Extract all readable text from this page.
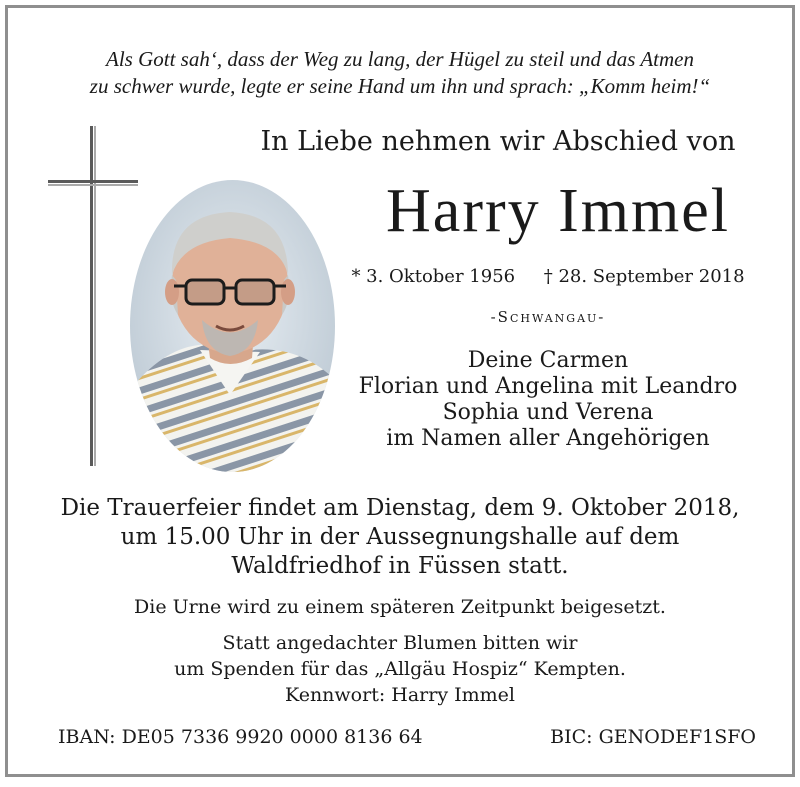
Als Gott sah‘, dass der Weg zu lang, der Hügel zu steil und das Atmen
zu schwer wurde, legte er seine Hand um ihn und sprach: „Komm heim!“
In Liebe nehmen wir Abschied von
Harry Immel
* 3. Oktober 1956 † 28. September 2018
-Schwangau-
Deine Carmen
Florian und Angelina mit Leandro
Sophia und Verena
im Namen aller Angehörigen
Die Trauerfeier findet am Dienstag, dem 9. Oktober 2018,
um 15.00 Uhr in der Aussegnungshalle auf dem
Waldfriedhof in Füssen statt.
Die Urne wird zu einem späteren Zeitpunkt beigesetzt.
Statt angedachter Blumen bitten wir
um Spenden für das „Allgäu Hospiz“ Kempten.
Kennwort: Harry Immel
IBAN: DE05 7336 9920 0000 8136 64	BIC: GENODEF1SFO
